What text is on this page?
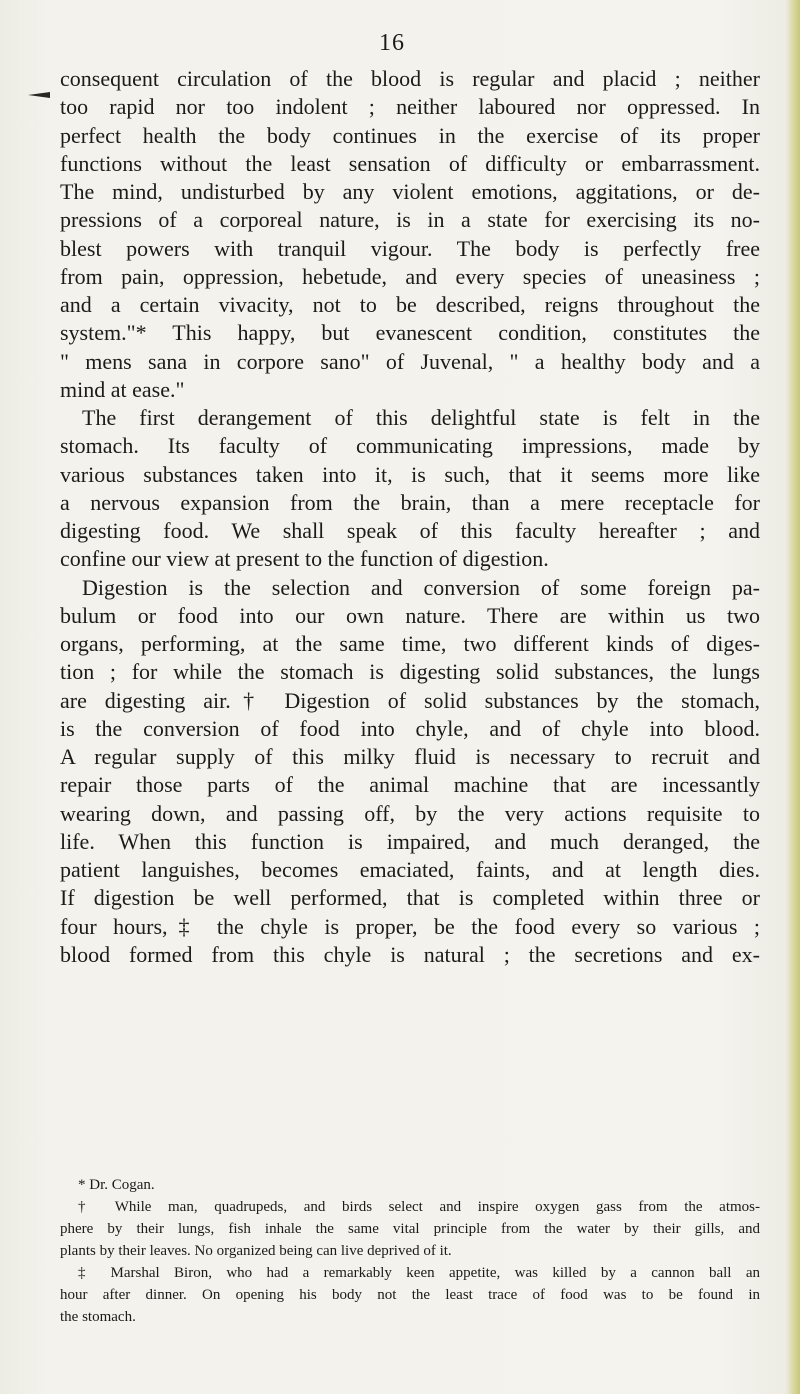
16
consequent circulation of the blood is regular and placid ; neither
too rapid nor too indolent ; neither laboured nor oppressed. In
perfect health the body continues in the exercise of its proper
functions without the least sensation of difficulty or embarrassment.
The mind, undisturbed by any violent emotions, aggitations, or de-
pressions of a corporeal nature, is in a state for exercising its no-
blest powers with tranquil vigour. The body is perfectly free
from pain, oppression, hebetude, and every species of uneasiness ;
and a certain vivacity, not to be described, reigns throughout the
system."* This happy, but evanescent condition, constitutes the
" mens sana in corpore sano" of Juvenal, " a healthy body and a
mind at ease."
The first derangement of this delightful state is felt in the
stomach. Its faculty of communicating impressions, made by
various substances taken into it, is such, that it seems more like
a nervous expansion from the brain, than a mere receptacle for
digesting food. We shall speak of this faculty hereafter ; and
confine our view at present to the function of digestion.
Digestion is the selection and conversion of some foreign pa-
bulum or food into our own nature. There are within us two
organs, performing, at the same time, two different kinds of diges-
tion ; for while the stomach is digesting solid substances, the lungs
are digesting air.† Digestion of solid substances by the stomach,
is the conversion of food into chyle, and of chyle into blood.
A regular supply of this milky fluid is necessary to recruit and
repair those parts of the animal machine that are incessantly
wearing down, and passing off, by the very actions requisite to
life. When this function is impaired, and much deranged, the
patient languishes, becomes emaciated, faints, and at length dies.
If digestion be well performed, that is completed within three or
four hours,‡ the chyle is proper, be the food every so various ;
blood formed from this chyle is natural ; the secretions and ex-
* Dr. Cogan.
† While man, quadrupeds, and birds select and inspire oxygen gass from the atmos-
phere by their lungs, fish inhale the same vital principle from the water by their gills, and
plants by their leaves. No organized being can live deprived of it.
‡ Marshal Biron, who had a remarkably keen appetite, was killed by a cannon ball an
hour after dinner. On opening his body not the least trace of food was to be found in
the stomach.
